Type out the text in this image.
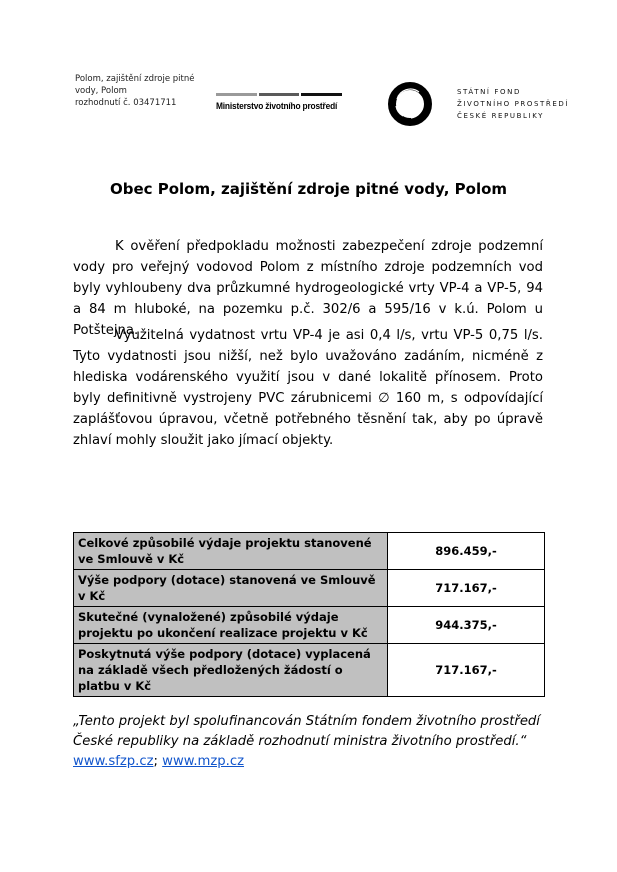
Polom, zajištění zdroje pitné
vody, Polom
rozhodnutí č. 03471711	Ministerstvo životního prostředí
STÁTNÍ FOND
ŽIVOTNÍHO PROSTŘEDÍ
ČESKÉ REPUBLIKY
Obec Polom, zajištění zdroje pitné vody, Polom
K ověření předpokladu možnosti zabezpečení zdroje podzemní vody pro veřejný vodovod Polom z místního zdroje podzemních vod byly vyhloubeny dva průzkumné hydrogeologické vrty VP-4 a VP-5, 94 a 84 m hluboké, na pozemku p.č. 302/6 a 595/16 v k.ú. Polom u Potštejna.
Využitelná vydatnost vrtu VP-4 je asi 0,4 l/s, vrtu VP-5 0,75 l/s. Tyto vydatnosti jsou nižší, než bylo uvažováno zadáním, nicméně z hlediska vodárenského využití jsou v dané lokalitě přínosem. Proto byly definitivně vystrojeny PVC zárubnicemi ∅ 160 m, s odpovídající zaplášťovou úpravou, včetně potřebného těsnění tak, aby po úpravě zhlaví mohly sloužit jako jímací objekty.
Celkové způsobilé výdaje projektu stanovené ve Smlouvě v Kč	896.459,-
Výše podpory (dotace) stanovená ve Smlouvě v Kč	717.167,-
Skutečné (vynaložené) způsobilé výdaje projektu po ukončení realizace projektu v Kč	944.375,-
Poskytnutá výše podpory (dotace) vyplacená na základě všech předložených žádostí o platbu v Kč	717.167,-
„Tento projekt byl spolufinancován Státním fondem životního prostředí
České republiky na základě rozhodnutí ministra životního prostředí.“
www.sfzp.cz; www.mzp.cz
